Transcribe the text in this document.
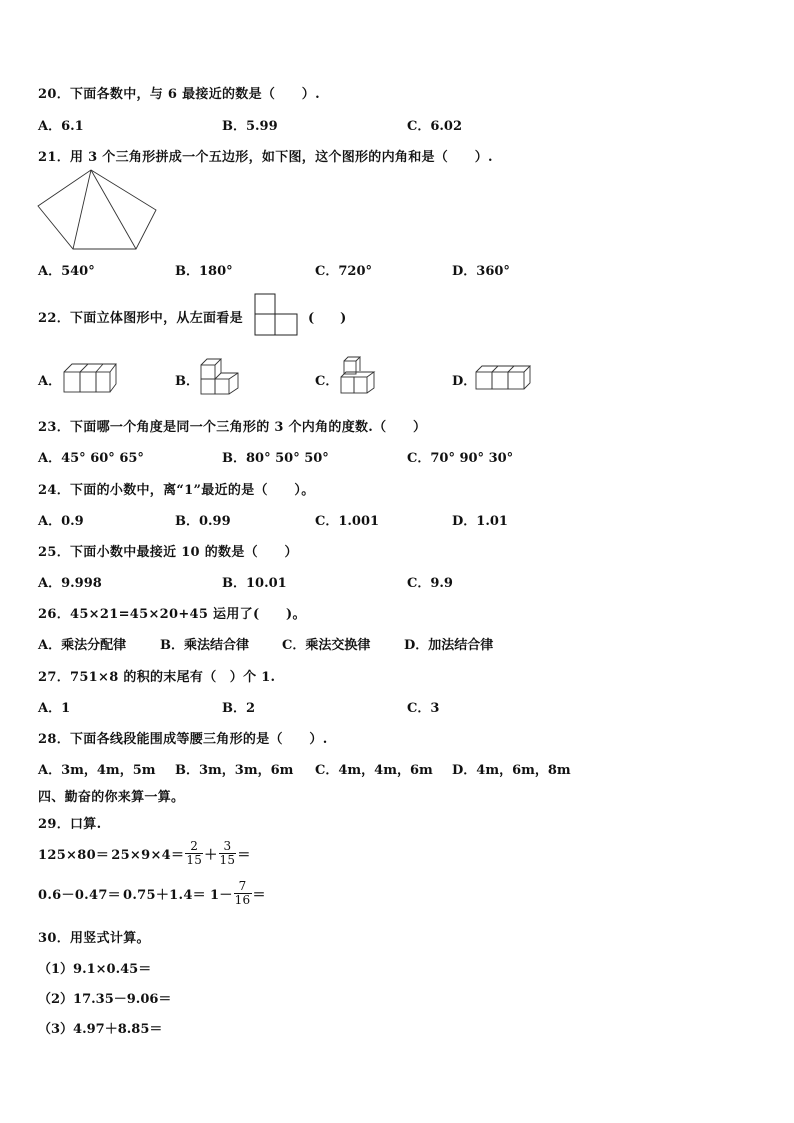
20．下面各数中，与 6 最接近的数是（　　）.
A．6.1	B．5.99	C．6.02
21．用 3 个三角形拼成一个五边形，如下图，这个图形的内角和是（　　）.
A．540°	B．180°	C．720°	D．360°
22．下面立体图形中，从左面看是	(　　)
A．	B．	C．	D．
23．下面哪一个角度是同一个三角形的 3 个内角的度数.（　　）
A．45° 60° 65°	B．80° 50° 50°	C．70° 90° 30°
24．下面的小数中，离“1”最近的是（　　）。
A．0.9	B．0.99	C．1.001	D．1.01
25．下面小数中最接近 10 的数是（　　）
A．9.998	B．10.01	C．9.9
26．45×21=45×20+45 运用了(　　)。
A．乘法分配律	B．乘法结合律	C．乘法交换律	D．加法结合律
27．751×8 的积的末尾有（　）个 1.
A．1	B．2	C．3
28．下面各线段能围成等腰三角形的是（　　）.
A．3m，4m，5m B．3m，3m，6m C．4m，4m，6m D．4m，6m，8m
四、勤奋的你来算一算。
29．口算.
$125\times 80= 25\times 9\times 4= \frac{2}{15} + \frac{3}{15}$ ＝
$0.6-0.47= 0.75+1.4= 1- \frac{7}{16}$ ＝
30．用竖式计算。
（1）9.1×0.45＝
（2）17.35－9.06＝
（3）4.97＋8.85＝
